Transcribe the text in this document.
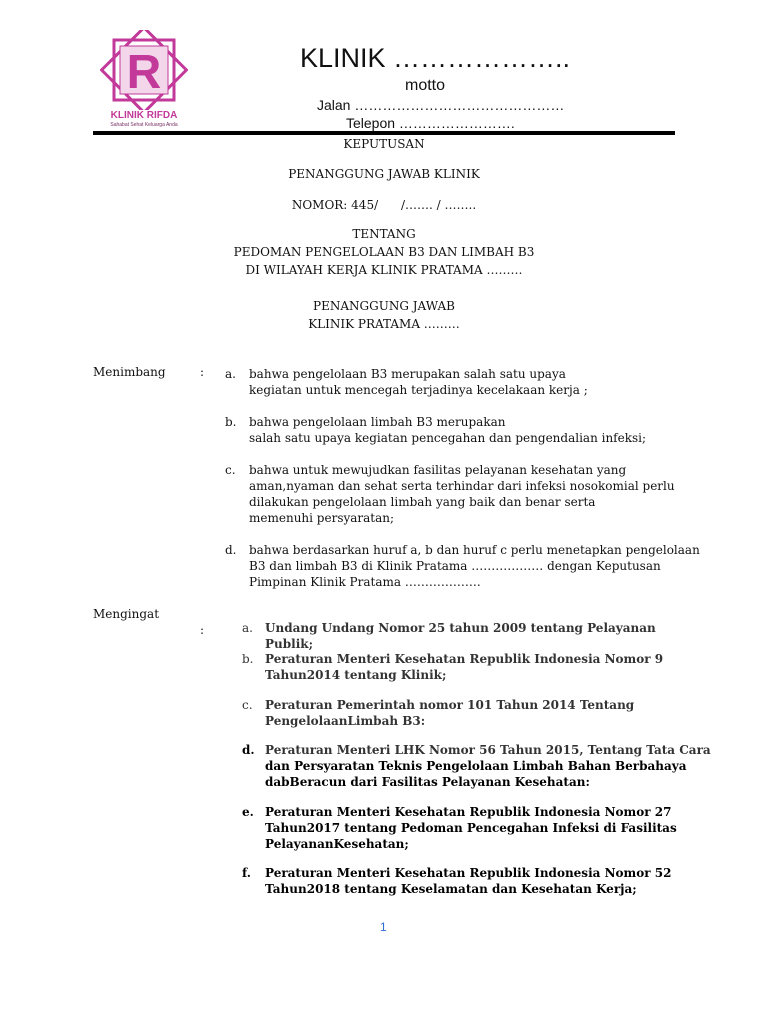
R
KLINIK RIFDA
Sahabat Sehat Keluarga Anda
KLINIK ………………..
motto
Jalan ………………………………………
Telepon …………………….
KEPUTUSAN
PENANGGUNG JAWAB KLINIK
NOMOR: 445/      /……. / ……..
TENTANG
PEDOMAN PENGELOLAAN B3 DAN LIMBAH B3
DI WILAYAH KERJA KLINIK PRATAMA ………
PENANGGUNG JAWAB
KLINIK PRATAMA ………
Menimbang	: a.	bahwa pengelolaan B3 merupakan salah satu upaya
kegiatan untuk mencegah terjadinya kecelakaan kerja ;
b.	bahwa pengelolaan limbah B3 merupakan
salah satu upaya kegiatan pencegahan dan pengendalian infeksi;
c.	bahwa untuk mewujudkan fasilitas pelayanan kesehatan yang
aman,nyaman dan sehat serta terhindar dari infeksi nosokomial perlu
dilakukan pengelolaan limbah yang baik dan benar serta
memenuhi persyaratan;
d.	bahwa berdasarkan huruf a, b dan huruf c perlu menetapkan pengelolaan
B3 dan limbah B3 di Klinik Pratama ……………… dengan Keputusan
Pimpinan Klinik Pratama ……………….
Mengingat
:	a.	Undang Undang Nomor 25 tahun 2009 tentang Pelayanan Publik;
b. Peraturan Menteri Kesehatan Republik Indonesia Nomor 9
Tahun2014 tentang Klinik;
c.	Peraturan Pemerintah nomor 101 Tahun 2014 Tentang
PengelolaanLimbah B3:
d. Peraturan Menteri LHK Nomor 56 Tahun 2015, Tentang Tata Cara
dan Persyaratan Teknis Pengelolaan Limbah Bahan Berbahaya
dabBeracun dari Fasilitas Pelayanan Kesehatan:
e. Peraturan Menteri Kesehatan Republik Indonesia Nomor 27
Tahun2017 tentang Pedoman Pencegahan Infeksi di Fasilitas
PelayananKesehatan;
f.	Peraturan Menteri Kesehatan Republik Indonesia Nomor 52
Tahun2018 tentang Keselamatan dan Kesehatan Kerja;
1
